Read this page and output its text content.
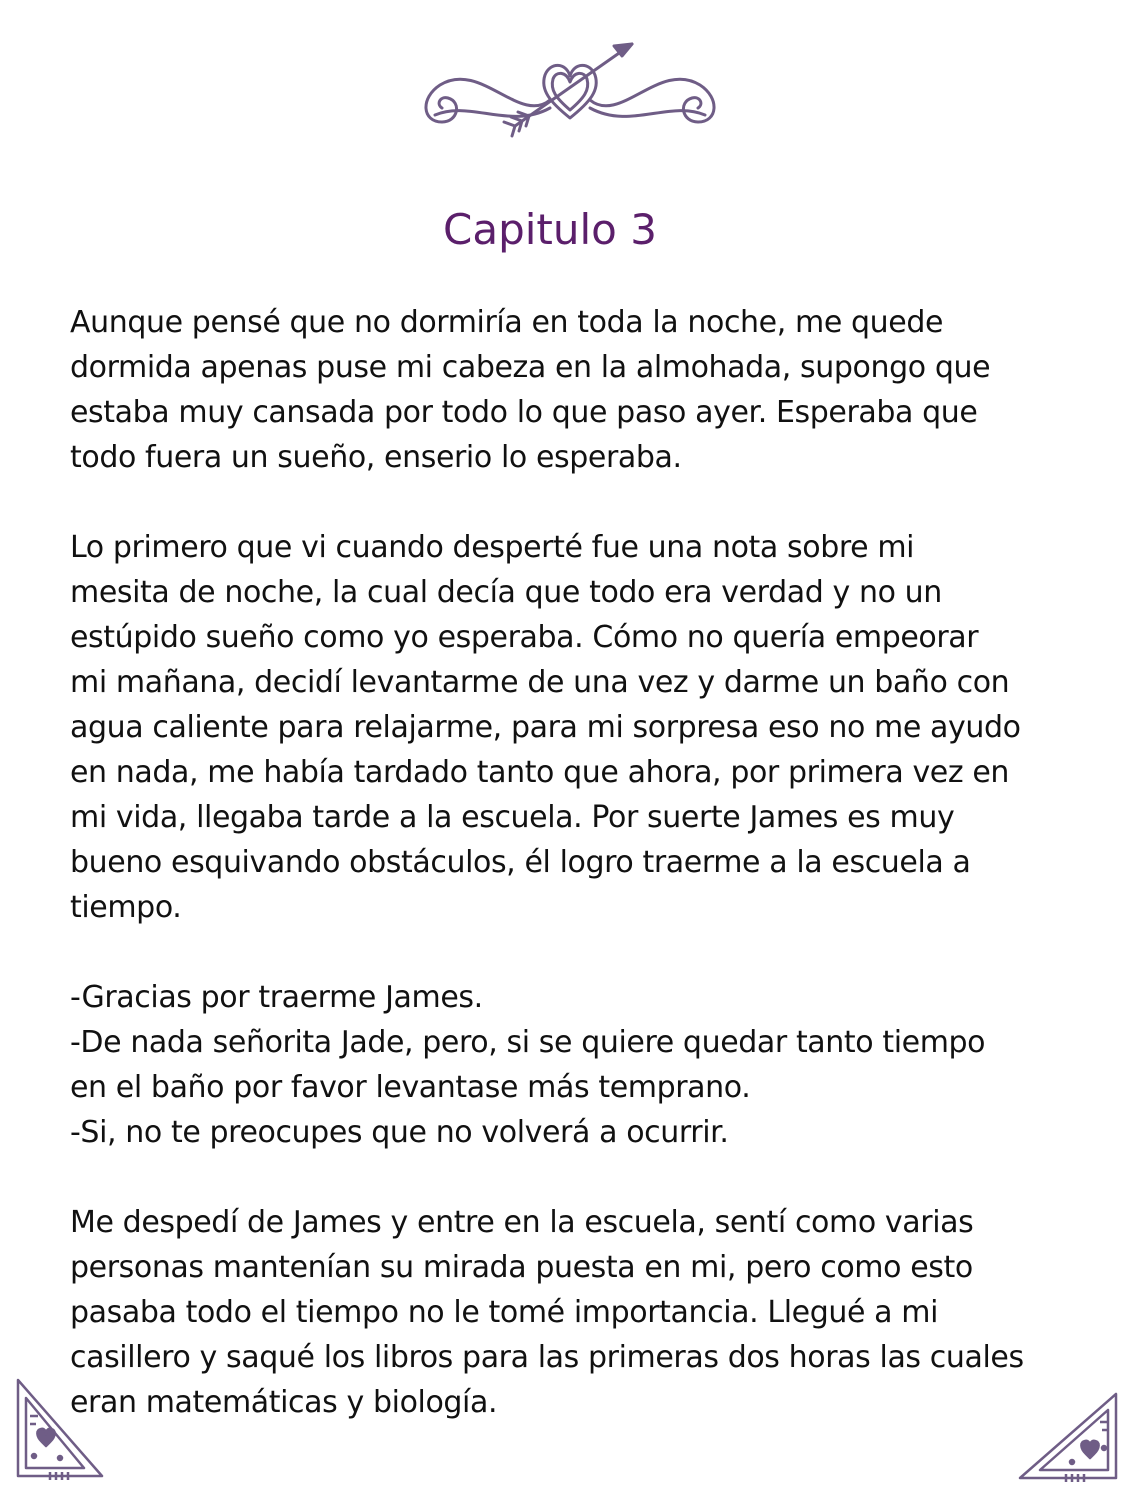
Capitulo 3
Aunque pensé que no dormiría en toda la noche, me quede
dormida apenas puse mi cabeza en la almohada, supongo que
estaba muy cansada por todo lo que paso ayer. Esperaba que
todo fuera un sueño, enserio lo esperaba.
Lo primero que vi cuando desperté fue una nota sobre mi
mesita de noche, la cual decía que todo era verdad y no un
estúpido sueño como yo esperaba. Cómo no quería empeorar
mi mañana, decidí levantarme de una vez y darme un baño con
agua caliente para relajarme, para mi sorpresa eso no me ayudo
en nada, me había tardado tanto que ahora, por primera vez en
mi vida, llegaba tarde a la escuela. Por suerte James es muy
bueno esquivando obstáculos, él logro traerme a la escuela a
tiempo.
-Gracias por traerme James.
-De nada señorita Jade, pero, si se quiere quedar tanto tiempo
en el baño por favor levantase más temprano.
-Si, no te preocupes que no volverá a ocurrir.
Me despedí de James y entre en la escuela, sentí como varias
personas mantenían su mirada puesta en mi, pero como esto
pasaba todo el tiempo no le tomé importancia. Llegué a mi
casillero y saqué los libros para las primeras dos horas las cuales
eran matemáticas y biología.
